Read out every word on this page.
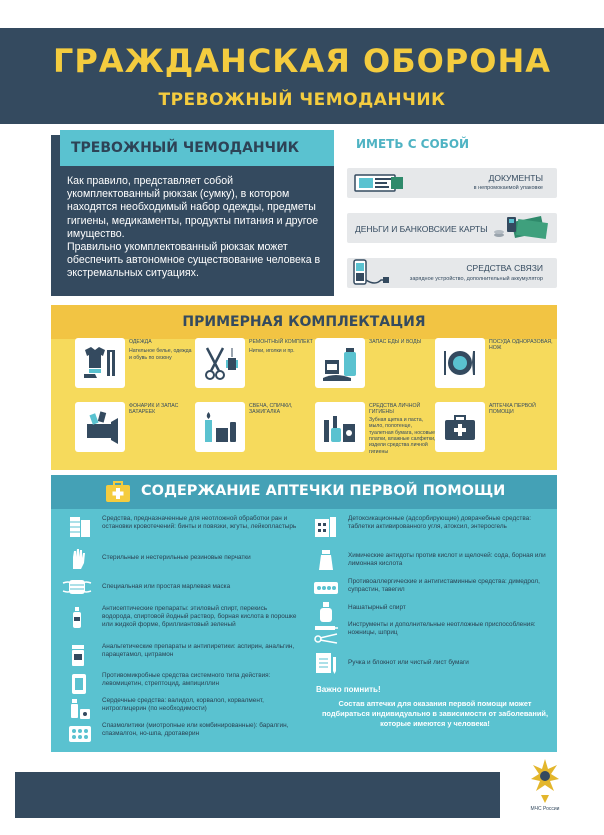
ГРАЖДАНСКАЯ ОБОРОНА
ТРЕВОЖНЫЙ ЧЕМОДАНЧИК
ТРЕВОЖНЫЙ ЧЕМОДАНЧИК
Как правило, представляет собой укомплектованный рюкзак (сумку), в котором находятся необходимый набор одежды, предметы гигиены, медикаменты, продукты питания и другое имущество.
Правильно укомплектованный рюкзак может обеспечить автономное существование человека в экстремальных ситуациях.
ИМЕТЬ С СОБОЙ
ДОКУМЕНТЫ
в непромокаемой упаковке
ДЕНЬГИ И БАНКОВСКИЕ КАРТЫ
СРЕДСТВА СВЯЗИ
зарядное устройство, дополнительный аккумулятор
ПРИМЕРНАЯ КОМПЛЕКТАЦИЯ
ОДЕЖДА
Нательное белье, одежда и обувь по сезону
РЕМОНТНЫЙ КОМПЛЕКТ
Нитки, иголки и пр.
ЗАПАС ЕДЫ И ВОДЫ	ПОСУДА ОДНОРАЗОВАЯ, НОЖ
ФОНАРИК И ЗАПАС БАТАРЕЕК
СВЕЧА, СПИЧКИ, ЗАЖИГАЛКА
СРЕДСТВА ЛИЧНОЙ ГИГИЕНЫ
Зубная щетка и паста, мыло, полотенце, туалетная бумага, носовые платки, влажные салфетки, издели средства личной гигиены
АПТЕЧКА ПЕРВОЙ ПОМОЩИ
СОДЕРЖАНИЕ АПТЕЧКИ ПЕРВОЙ ПОМОЩИ
Средства, предназначенные для неотложной обработки ран и остановки кровотечений: бинты и повязки, жгуты, лейкопластырь
Стерильные и нестерильные резиновые перчатки
Специальная или простая марлевая маска
Антисептические препараты: этиловый спирт, перекись водорода, спиртовой йодный раствор, борная кислота в порошке или жидкой форме, бриллиантовый зеленый
Анальгетические препараты и антипиретики: аспирин, анальгин, парацетамол, цитрамон
Противомикробные средства системного типа действия: левомицетин, стрептоцид, ампициллин
Сердечные средства: валидол, корвалол, корвалмент, нитроглицерин (по необходимости)
Спазмолитики (миотропные или комбинированные): баралгин, спазмалгон, но-шпа, дротаверин
Детоксикационные (адсорбирующие) доврачебные средства: таблетки активированного угля, атоксил, энтеросгель
Химические антидоты против кислот и щелочей: сода, борная или лимонная кислота
Противоаллергические и антигистаминные средства: димедрол, супрастин, тавегил
Нашатырный спирт
Инструменты и дополнительные неотложные приспособления: ножницы, шприц
Ручка и блокнот или чистый лист бумаги
Важно помнить!
Состав аптечки для оказания первой помощи может подбираться индивидуально в зависимости от заболеваний, которые имеются у человека!
МЧС России
